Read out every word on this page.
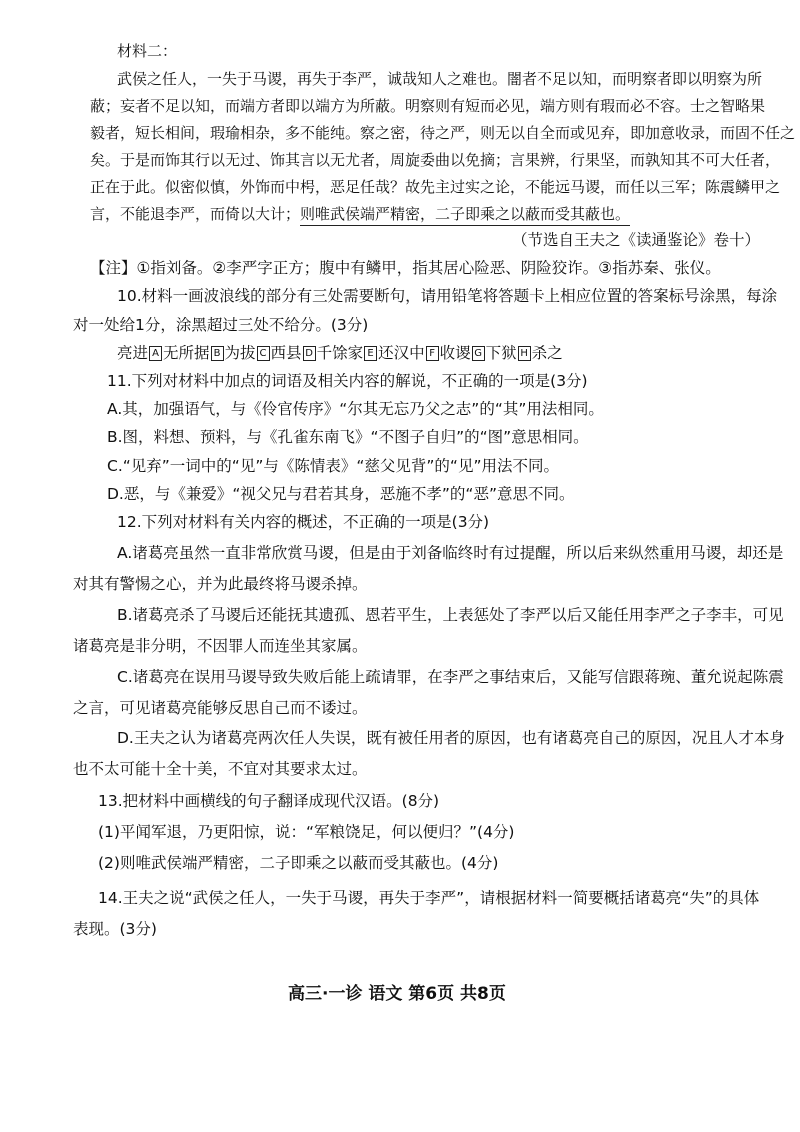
材料二：
武侯之任人，一失于马谡，再失于李严，诚哉知人之难也。闇者不足以知，而明察者即以明察为所
蔽；妄者不足以知，而端方者即以端方为所蔽。明察则有短而必见，端方则有瑕而必不容。士之智略果
毅者，短长相间，瑕瑜相杂，多不能纯。察之密，待之严，则无以自全而或见弃，即加意收录，而固不任之
矣。于是而饰其行以无过、饰其言以无尤者，周旋委曲以免摘；言果辨，行果坚，而孰知其不可大任者，
正在于此。似密似慎，外饰而中枵，恶足任哉？故先主过实之论，不能远马谡，而任以三军；陈震鳞甲之
言，不能退李严，而倚以大计；则唯武侯端严精密，二子即乘之以蔽而受其蔽也。
（节选自王夫之《读通鉴论》卷十）
【注】①指刘备。②李严字正方；腹中有鳞甲，指其居心险恶、阴险狡诈。③指苏秦、张仪。
10.材料一画波浪线的部分有三处需要断句，请用铅笔将答题卡上相应位置的答案标号涂黑，每涂
对一处给1分，涂黑超过三处不给分。(3分)
亮进 A 无所据 B 为拔 C 西县 D 千馀家 E 还汉中 F 收谡 G 下狱 H 杀之
11.下列对材料中加点的词语及相关内容的解说，不正确的一项是(3分)
A.其，加强语气，与《伶官传序》“尔其无忘乃父之志”的“其”用法相同。
B.图，料想、预料，与《孔雀东南飞》“不图子自归”的“图”意思相同。
C.“见弃”一词中的“见”与《陈情表》“慈父见背”的“见”用法不同。
D.恶，与《兼爱》“视父兄与君若其身，恶施不孝”的“恶”意思不同。
12.下列对材料有关内容的概述，不正确的一项是(3分)
A.诸葛亮虽然一直非常欣赏马谡，但是由于刘备临终时有过提醒，所以后来纵然重用马谡，却还是
对其有警惕之心，并为此最终将马谡杀掉。
B.诸葛亮杀了马谡后还能抚其遗孤、恩若平生，上表惩处了李严以后又能任用李严之子李丰，可见
诸葛亮是非分明，不因罪人而连坐其家属。
C.诸葛亮在误用马谡导致失败后能上疏请罪，在李严之事结束后，又能写信跟蒋琬、董允说起陈震
之言，可见诸葛亮能够反思自己而不诿过。
D.王夫之认为诸葛亮两次任人失误，既有被任用者的原因，也有诸葛亮自己的原因，况且人才本身
也不太可能十全十美，不宜对其要求太过。
13.把材料中画横线的句子翻译成现代汉语。(8分)
(1)平闻军退，乃更阳惊，说：“军粮饶足，何以便归？”(4分)
(2)则唯武侯端严精密，二子即乘之以蔽而受其蔽也。(4分)
14.王夫之说“武侯之任人，一失于马谡，再失于李严”，请根据材料一简要概括诸葛亮“失”的具体
表现。(3分)
高三·一诊 语文 第6页 共8页
